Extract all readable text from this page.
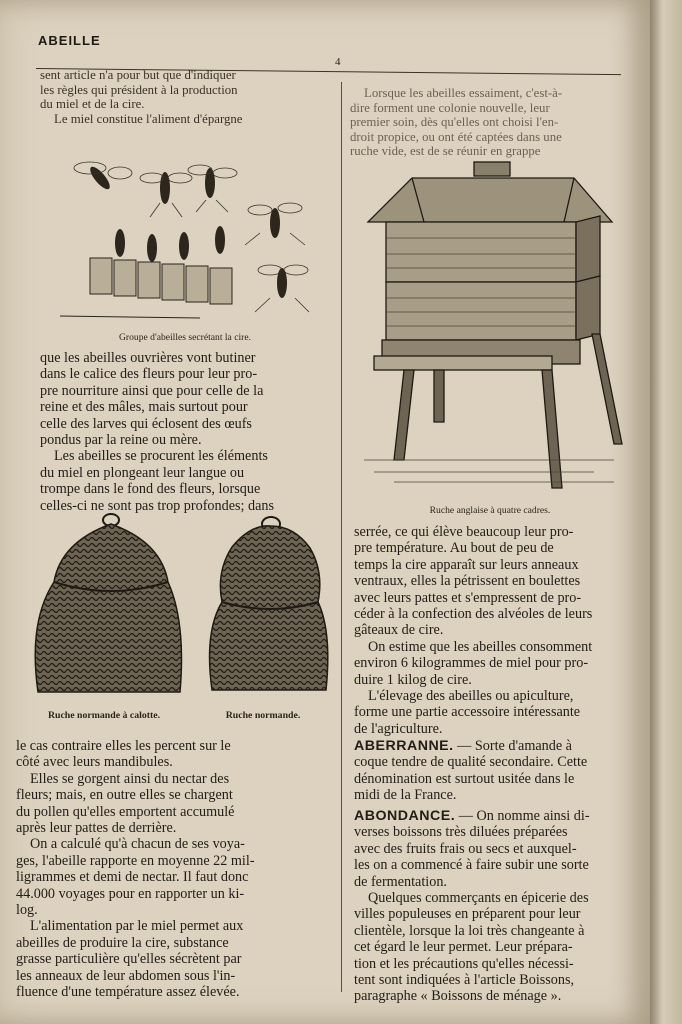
ABEILLE
4

sent article n'a pour but que d'indiquer

les règles qui président à la production

du miel et de la cire.

Le miel constitue l'aliment d'épargne

Groupe d'abeilles secrétant la cire.

que les abeilles ouvrières vont butiner

dans le calice des fleurs pour leur pro-

pre nourriture ainsi que pour celle de la

reine et des mâles, mais surtout pour

celle des larves qui éclosent des œufs

pondus par la reine ou mère.

Les abeilles se procurent les éléments

du miel en plongeant leur langue ou

trompe dans le fond des fleurs, lorsque

celles-ci ne sont pas trop profondes; dans

Ruche normande à calotte.	Ruche normande.

le cas contraire elles les percent sur le

côté avec leurs mandibules.

Elles se gorgent ainsi du nectar des

fleurs; mais, en outre elles se chargent

du pollen qu'elles emportent accumulé

après leur pattes de derrière.

On a calculé qu'à chacun de ses voya-

ges, l'abeille rapporte en moyenne 22 mil-

ligrammes et demi de nectar. Il faut donc

44.000 voyages pour en rapporter un ki-

log.

L'alimentation par le miel permet aux

abeilles de produire la cire, substance

grasse particulière qu'elles sécrètent par

les anneaux de leur abdomen sous l'in-

fluence d'une température assez élevée.

Lorsque les abeilles essaiment, c'est-à-

dire forment une colonie nouvelle, leur

premier soin, dès qu'elles ont choisi l'en-

droit propice, ou ont été captées dans une

ruche vide, est de se réunir en grappe

Ruche anglaise à quatre cadres.

serrée, ce qui élève beaucoup leur pro-

pre température. Au bout de peu de

temps la cire apparaît sur leurs anneaux

ventraux, elles la pétrissent en boulettes

avec leurs pattes et s'empressent de pro-

céder à la confection des alvéoles de leurs

gâteaux de cire.

On estime que les abeilles consomment

environ 6 kilogrammes de miel pour pro-

duire 1 kilog de cire.

L'élevage des abeilles ou apiculture,

forme une partie accessoire intéressante

de l'agriculture.

ABERRANNE. — Sorte d'amande à

coque tendre de qualité secondaire. Cette

dénomination est surtout usitée dans le

midi de la France.

ABONDANCE. — On nomme ainsi di-

verses boissons très diluées préparées

avec des fruits frais ou secs et auxquel-

les on a commencé à faire subir une sorte

de fermentation.

Quelques commerçants en épicerie des

villes populeuses en préparent pour leur

clientèle, lorsque la loi très changeante à

cet égard le leur permet. Leur prépara-

tion et les précautions qu'elles nécessi-

tent sont indiquées à l'article Boissons,

paragraphe « Boissons de ménage ».
